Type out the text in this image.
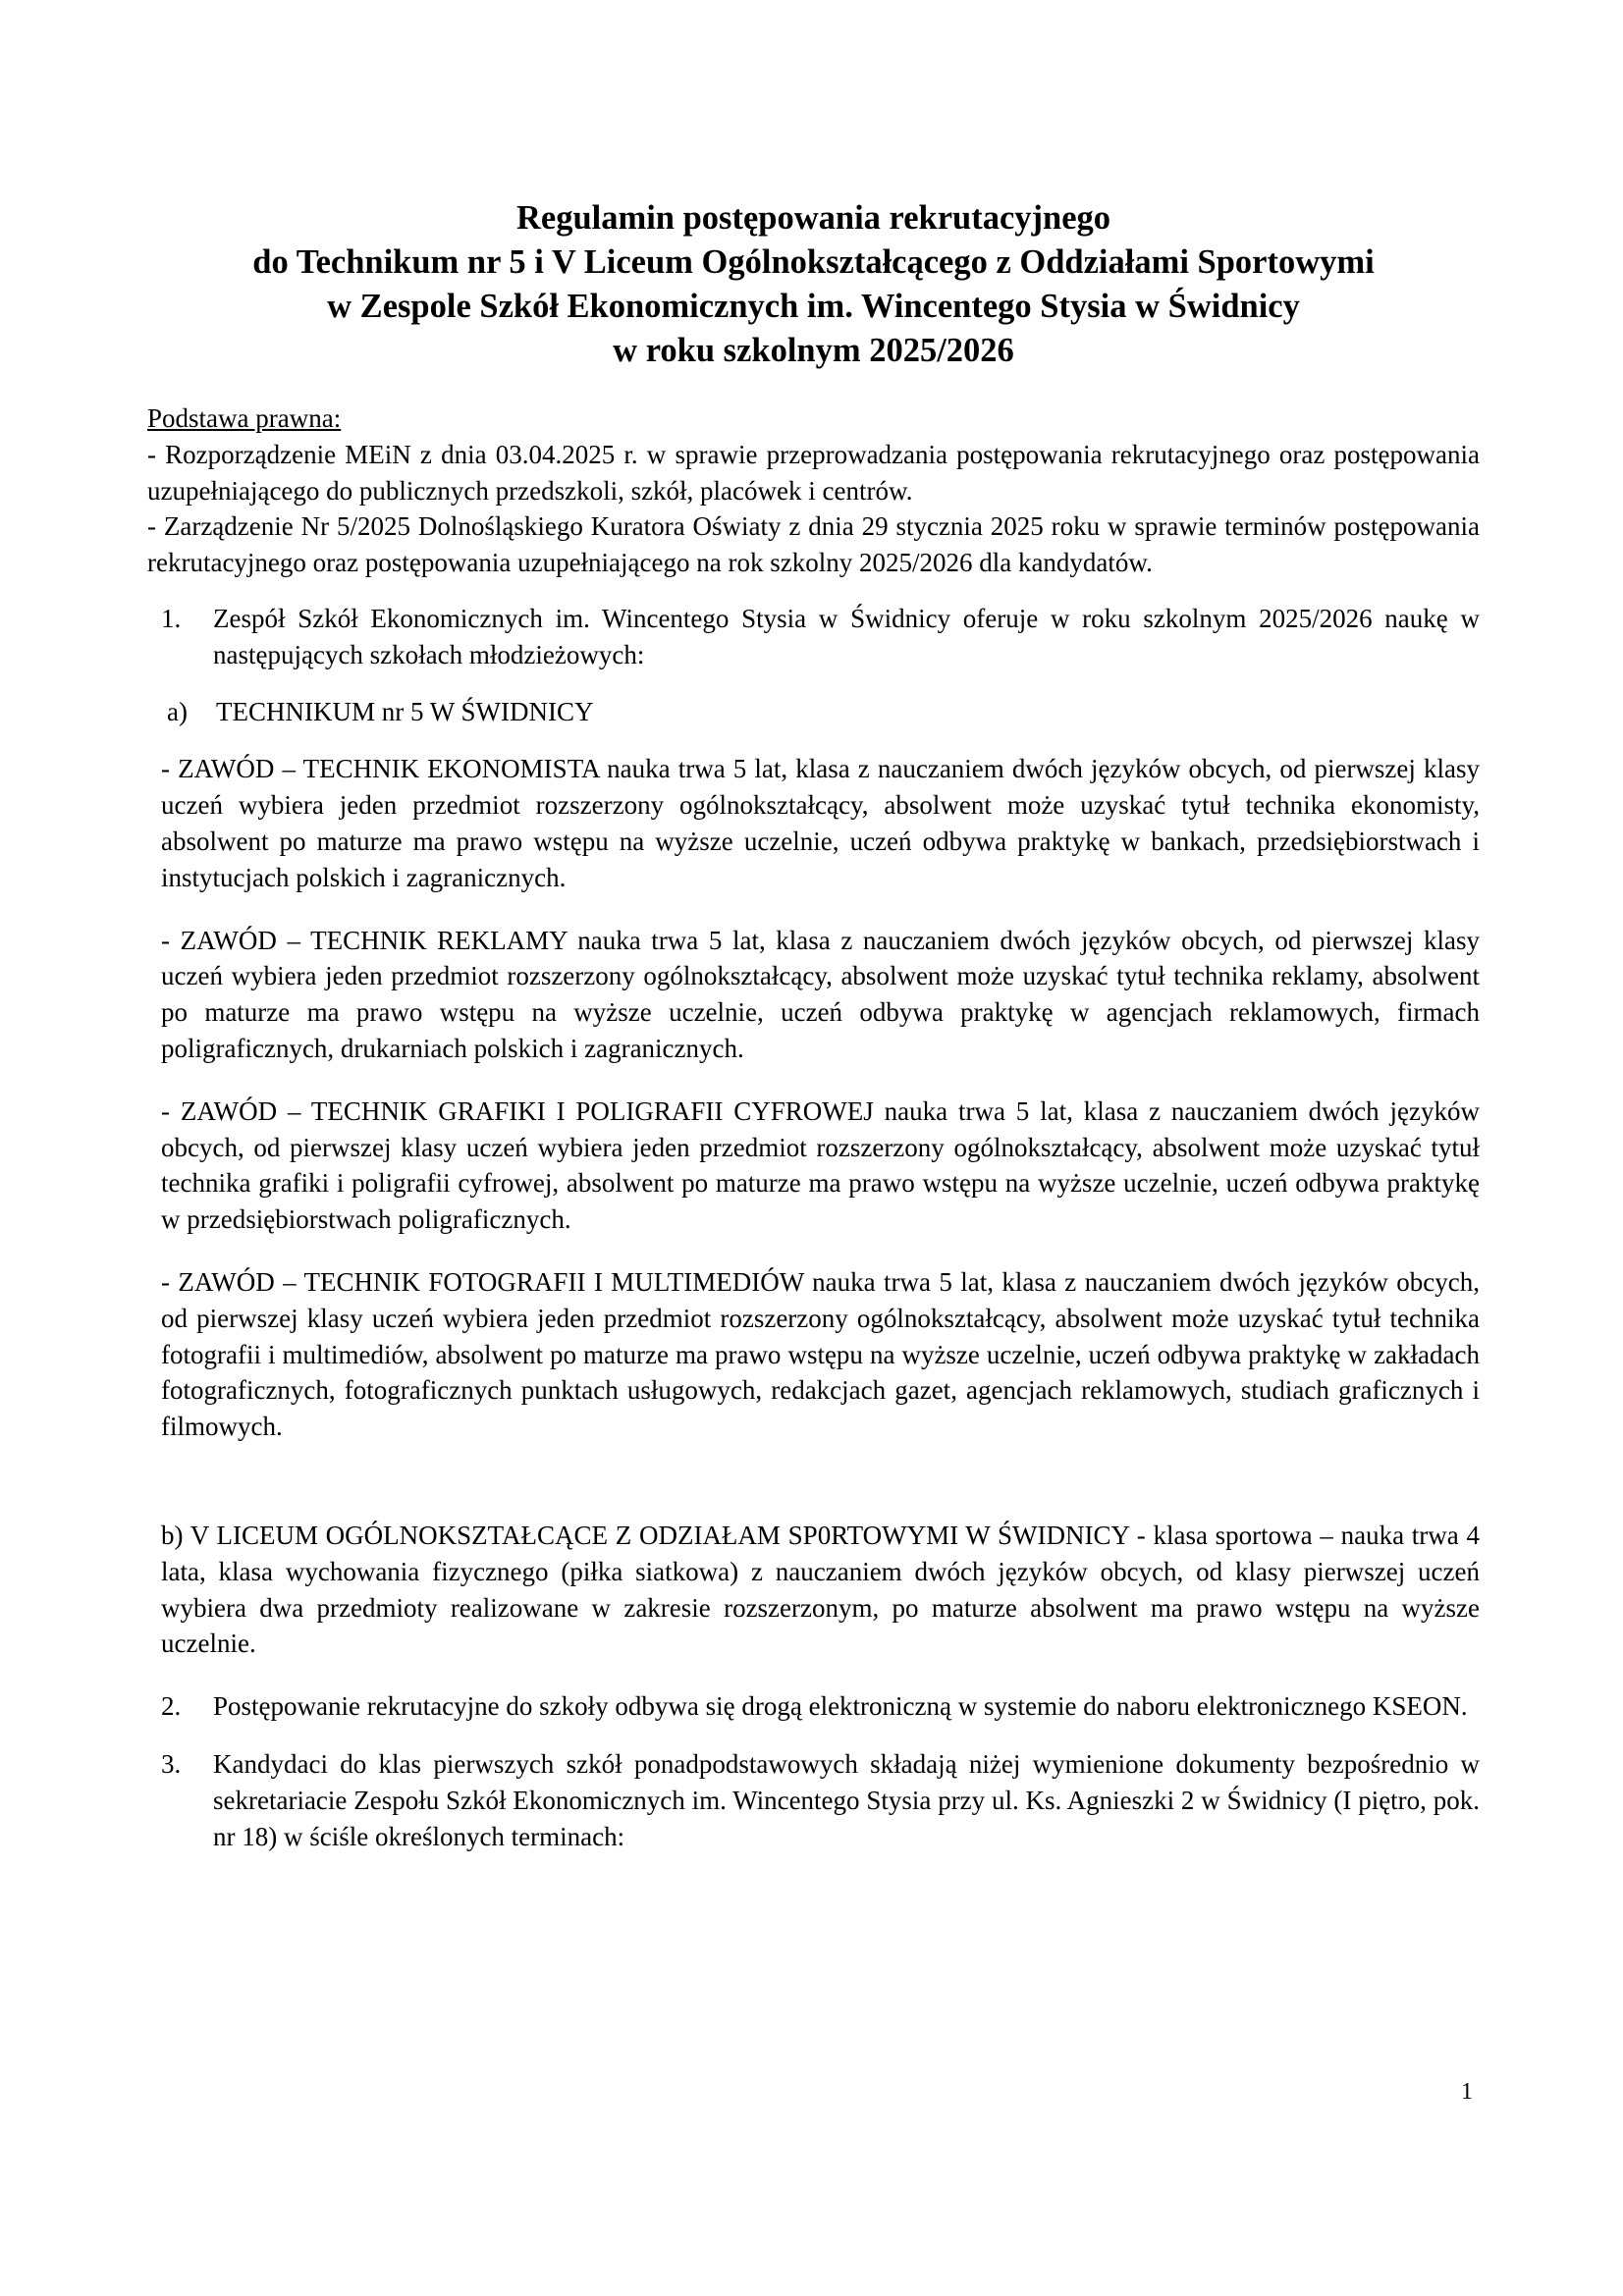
Regulamin postępowania rekrutacyjnego
do Technikum nr 5 i V Liceum Ogólnokształcącego z Oddziałami Sportowymi
w Zespole Szkół Ekonomicznych im. Wincentego Stysia w Świdnicy
w roku szkolnym 2025/2026

Podstawa prawna:

- Rozporządzenie MEiN z dnia 03.04.2025 r. w sprawie przeprowadzania postępowania rekrutacyjnego oraz postępowania uzupełniającego do publicznych przedszkoli, szkół, placówek i centrów.

- Zarządzenie Nr 5/2025 Dolnośląskiego Kuratora Oświaty z dnia 29 stycznia 2025 roku w sprawie terminów postępowania rekrutacyjnego oraz postępowania uzupełniającego na rok szkolny 2025/2026 dla kandydatów.

1. Zespół Szkół Ekonomicznych im. Wincentego Stysia w Świdnicy oferuje w roku szkolnym 2025/2026 naukę w następujących szkołach młodzieżowych:
a) TECHNIKUM nr 5 W ŚWIDNICY

- ZAWÓD – TECHNIK EKONOMISTA nauka trwa 5 lat, klasa z nauczaniem dwóch języków obcych, od pierwszej klasy uczeń wybiera jeden przedmiot rozszerzony ogólnokształcący, absolwent może uzyskać tytuł technika ekonomisty, absolwent po maturze ma prawo wstępu na wyższe uczelnie, uczeń odbywa praktykę w bankach, przedsiębiorstwach i instytucjach polskich i zagranicznych.

- ZAWÓD – TECHNIK REKLAMY nauka trwa 5 lat, klasa z nauczaniem dwóch języków obcych, od pierwszej klasy uczeń wybiera jeden przedmiot rozszerzony ogólnokształcący, absolwent może uzyskać tytuł technika reklamy, absolwent po maturze ma prawo wstępu na wyższe uczelnie, uczeń odbywa praktykę w agencjach reklamowych, firmach poligraficznych, drukarniach polskich i zagranicznych.

- ZAWÓD – TECHNIK GRAFIKI I POLIGRAFII CYFROWEJ nauka trwa 5 lat, klasa z nauczaniem dwóch języków obcych, od pierwszej klasy uczeń wybiera jeden przedmiot rozszerzony ogólnokształcący, absolwent może uzyskać tytuł technika grafiki i poligrafii cyfrowej, absolwent po maturze ma prawo wstępu na wyższe uczelnie, uczeń odbywa praktykę w przedsiębiorstwach poligraficznych.

- ZAWÓD – TECHNIK FOTOGRAFII I MULTIMEDIÓW nauka trwa 5 lat, klasa z nauczaniem dwóch języków obcych, od pierwszej klasy uczeń wybiera jeden przedmiot rozszerzony ogólnokształcący, absolwent może uzyskać tytuł technika fotografii i multimediów, absolwent po maturze ma prawo wstępu na wyższe uczelnie, uczeń odbywa praktykę w zakładach fotograficznych, fotograficznych punktach usługowych, redakcjach gazet, agencjach reklamowych, studiach graficznych i filmowych.

b) V LICEUM OGÓLNOKSZTAŁCĄCE Z ODZIAŁAM SP0RTOWYMI W ŚWIDNICY - klasa sportowa – nauka trwa 4 lata, klasa wychowania fizycznego (piłka siatkowa) z nauczaniem dwóch języków obcych, od klasy pierwszej uczeń wybiera dwa przedmioty realizowane w zakresie rozszerzonym, po maturze absolwent ma prawo wstępu na wyższe uczelnie.

2. Postępowanie rekrutacyjne do szkoły odbywa się drogą elektroniczną w systemie do naboru elektronicznego KSEON.
3. Kandydaci do klas pierwszych szkół ponadpodstawowych składają niżej wymienione dokumenty bezpośrednio w sekretariacie Zespołu Szkół Ekonomicznych im. Wincentego Stysia przy ul. Ks. Agnieszki 2 w Świdnicy (I piętro, pok. nr 18) w ściśle określonych terminach:
1
